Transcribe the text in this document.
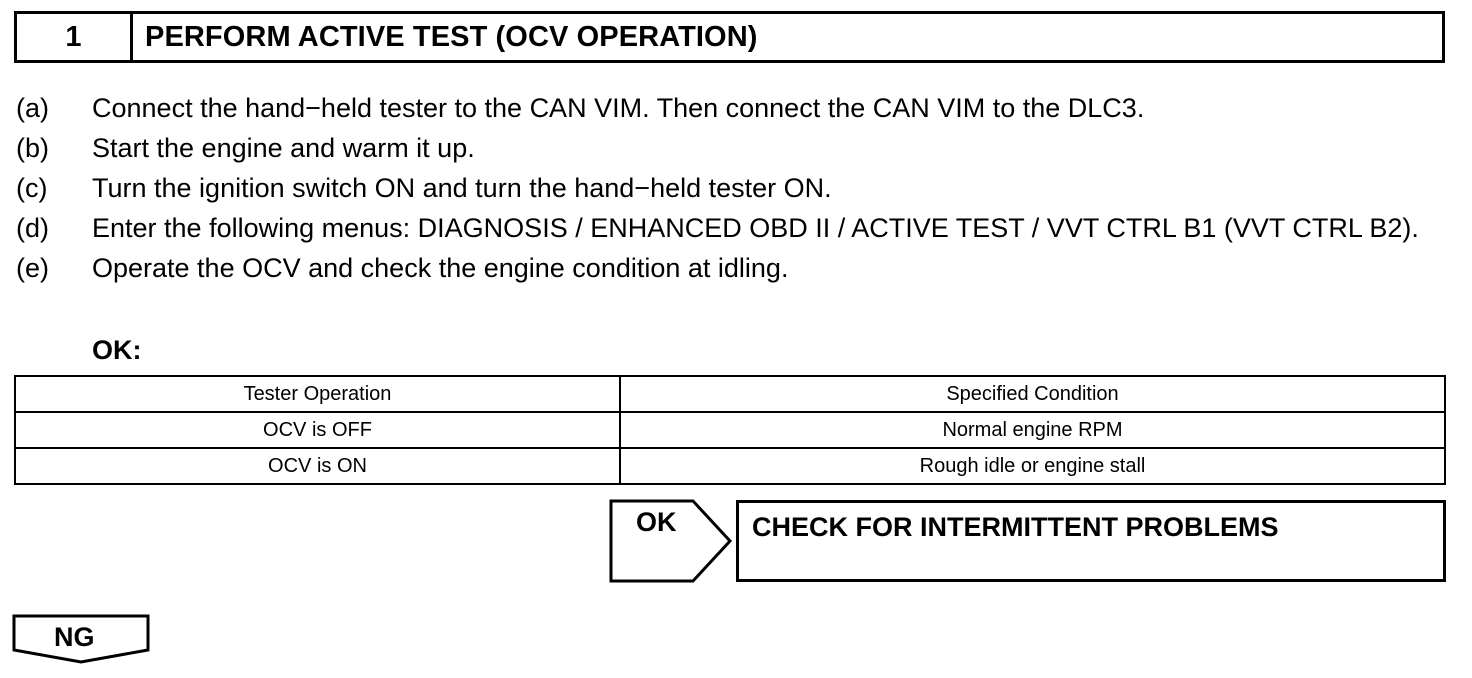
1	PERFORM ACTIVE TEST (OCV OPERATION)
(a)	Connect the hand−held tester to the CAN VIM. Then connect the CAN VIM to the DLC3.
(b)	Start the engine and warm it up.
(c)	Turn the ignition switch ON and turn the hand−held tester ON.
(d)	Enter the following menus: DIAGNOSIS / ENHANCED OBD II / ACTIVE TEST / VVT CTRL B1 (VVT CTRL B2).
(e)	Operate the OCV and check the engine condition at idling.
OK:
Tester Operation	Specified Condition
OCV is OFF	Normal engine RPM
OCV is ON	Rough idle or engine stall
OK	CHECK FOR INTERMITTENT PROBLEMS
NG
